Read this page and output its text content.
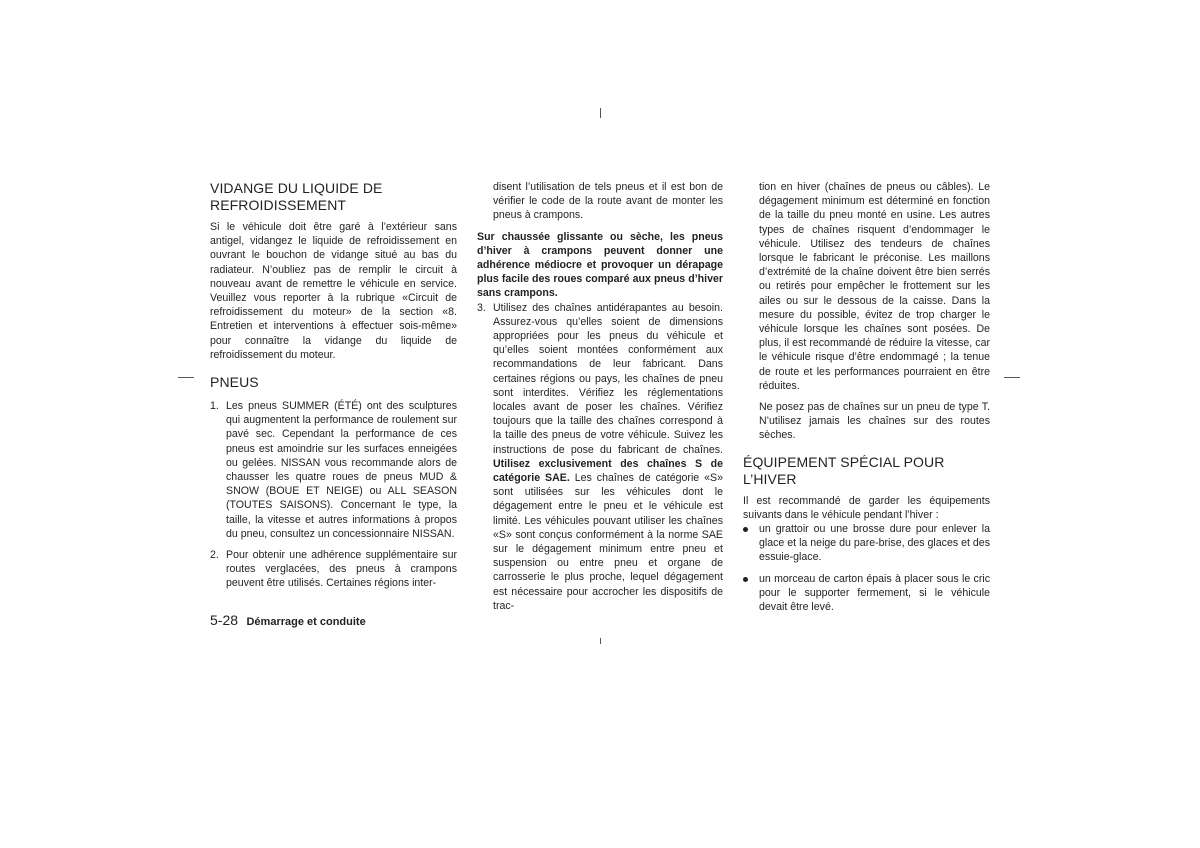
VIDANGE DU LIQUIDE DE REFROIDISSEMENT

Si le véhicule doit être garé à l’extérieur sans antigel, vidangez le liquide de refroidissement en ouvrant le bouchon de vidange situé au bas du radiateur. N’oubliez pas de remplir le circuit à nouveau avant de remettre le véhicule en service. Veuillez vous reporter à la rubrique «Circuit de refroidissement du moteur» de la section «8. Entretien et interventions à effectuer sois-même» pour connaître la vidange du liquide de refroidissement du moteur.

PNEUS
1. Les pneus SUMMER (ÉTÉ) ont des sculptures qui augmentent la performance de roulement sur pavé sec. Cependant la performance de ces pneus est amoindrie sur les surfaces enneigées ou gelées. NISSAN vous recommande alors de chausser les quatre roues de pneus MUD & SNOW (BOUE ET NEIGE) ou ALL SEASON (TOUTES SAISONS). Concernant le type, la taille, la vitesse et autres informations à propos du pneu, consultez un concessionnaire NISSAN.
2. Pour obtenir une adhérence supplémentaire sur routes verglacées, des pneus à crampons peuvent être utilisés. Certaines régions inter-

disent l’utilisation de tels pneus et il est bon de vérifier le code de la route avant de monter les pneus à crampons.

Sur chaussée glissante ou sèche, les pneus d’hiver à crampons peuvent donner une adhérence médiocre et provoquer un dérapage plus facile des roues comparé aux pneus d’hiver sans crampons.

3. Utilisez des chaînes antidérapantes au besoin. Assurez-vous qu’elles soient de dimensions appropriées pour les pneus du véhicule et qu’elles soient montées conformément aux recommandations de leur fabricant. Dans certaines régions ou pays, les chaînes de pneu sont interdites. Vérifiez les réglementations locales avant de poser les chaînes. Vérifiez toujours que la taille des chaînes correspond à la taille des pneus de votre véhicule. Suivez les instructions de pose du fabricant de chaînes. Utilisez exclusivement des chaînes S de catégorie SAE. Les chaînes de catégorie «S» sont utilisées sur les véhicules dont le dégagement entre le pneu et le véhicule est limité. Les véhicules pouvant utiliser les chaînes «S» sont conçus conformément à la norme SAE sur le dégagement minimum entre pneu et suspension ou entre pneu et organe de carrosserie le plus proche, lequel dégagement est nécessaire pour accrocher les dispositifs de trac-

tion en hiver (chaînes de pneus ou câbles). Le dégagement minimum est déterminé en fonction de la taille du pneu monté en usine. Les autres types de chaînes risquent d’endommager le véhicule. Utilisez des tendeurs de chaînes lorsque le fabricant le préconise. Les maillons d’extrémité de la chaîne doivent être bien serrés ou retirés pour empêcher le frottement sur les ailes ou sur le dessous de la caisse. Dans la mesure du possible, évitez de trop charger le véhicule lorsque les chaînes sont posées. De plus, il est recommandé de réduire la vitesse, car le véhicule risque d’être endommagé ; la tenue de route et les performances pourraient en être réduites.

Ne posez pas de chaînes sur un pneu de type T. N’utilisez jamais les chaînes sur des routes sèches.

ÉQUIPEMENT SPÉCIAL POUR L’HIVER

Il est recommandé de garder les équipements suivants dans le véhicule pendant l’hiver :

un grattoir ou une brosse dure pour enlever la glace et la neige du pare-brise, des glaces et des essuie-glace.
un morceau de carton épais à placer sous le cric pour le supporter fermement, si le véhicule devait être levé.
5-28 Démarrage et conduite
